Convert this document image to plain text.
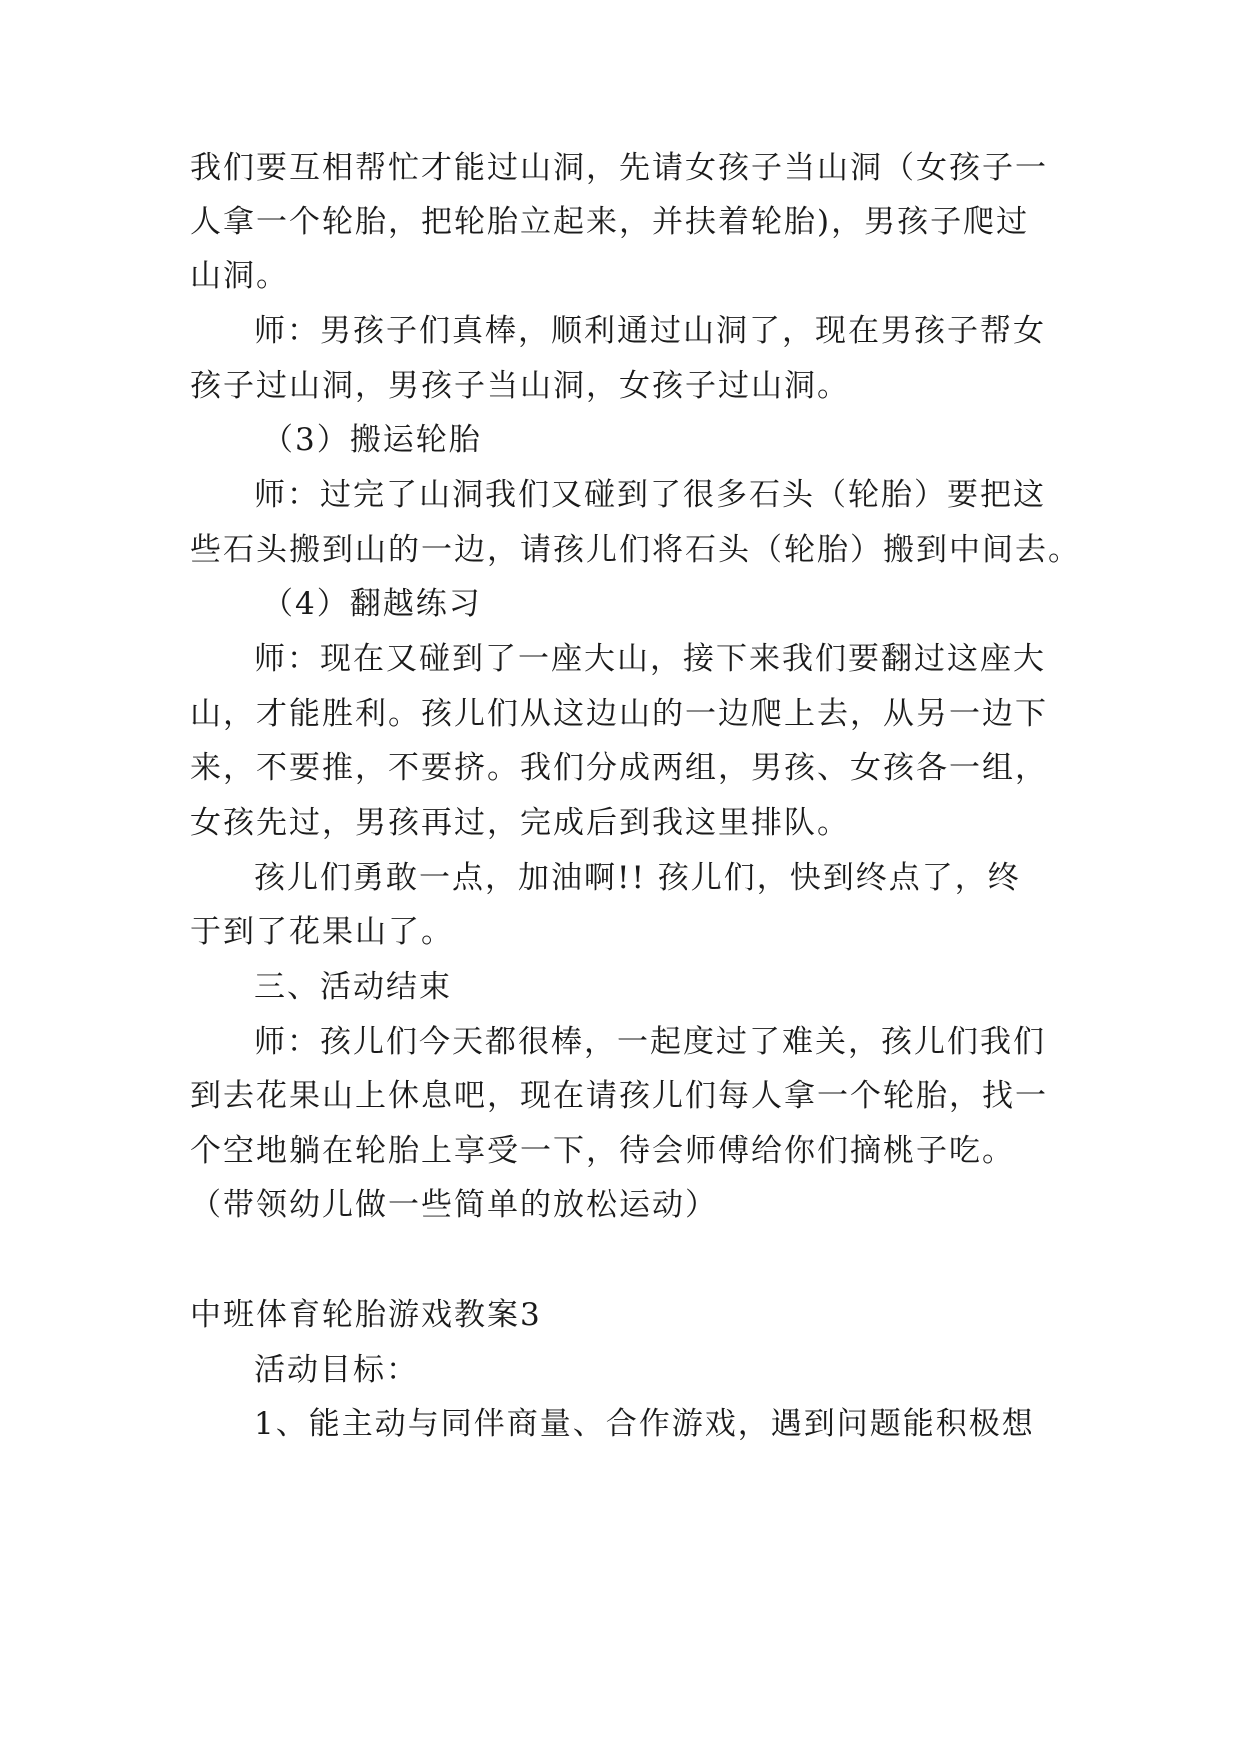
我们要互相帮忙才能过山洞，先请女孩子当山洞（女孩子一
人拿一个轮胎，把轮胎立起来，并扶着轮胎)，男孩子爬过
山洞。
师：男孩子们真棒，顺利通过山洞了，现在男孩子帮女
孩子过山洞，男孩子当山洞，女孩子过山洞。
（3）搬运轮胎
师：过完了山洞我们又碰到了很多石头（轮胎）要把这
些石头搬到山的一边，请孩儿们将石头（轮胎）搬到中间去。
（4）翻越练习
师：现在又碰到了一座大山，接下来我们要翻过这座大
山，才能胜利。孩儿们从这边山的一边爬上去，从另一边下
来，不要推，不要挤。我们分成两组，男孩、女孩各一组，
女孩先过，男孩再过，完成后到我这里排队。
孩儿们勇敢一点，加油啊!! 孩儿们，快到终点了，终
于到了花果山了。
三、活动结束
师：孩儿们今天都很棒，一起度过了难关，孩儿们我们
到去花果山上休息吧，现在请孩儿们每人拿一个轮胎，找一
个空地躺在轮胎上享受一下，待会师傅给你们摘桃子吃。
（带领幼儿做一些简单的放松运动）
中班体育轮胎游戏教案3
活动目标：
1、能主动与同伴商量、合作游戏，遇到问题能积极想
